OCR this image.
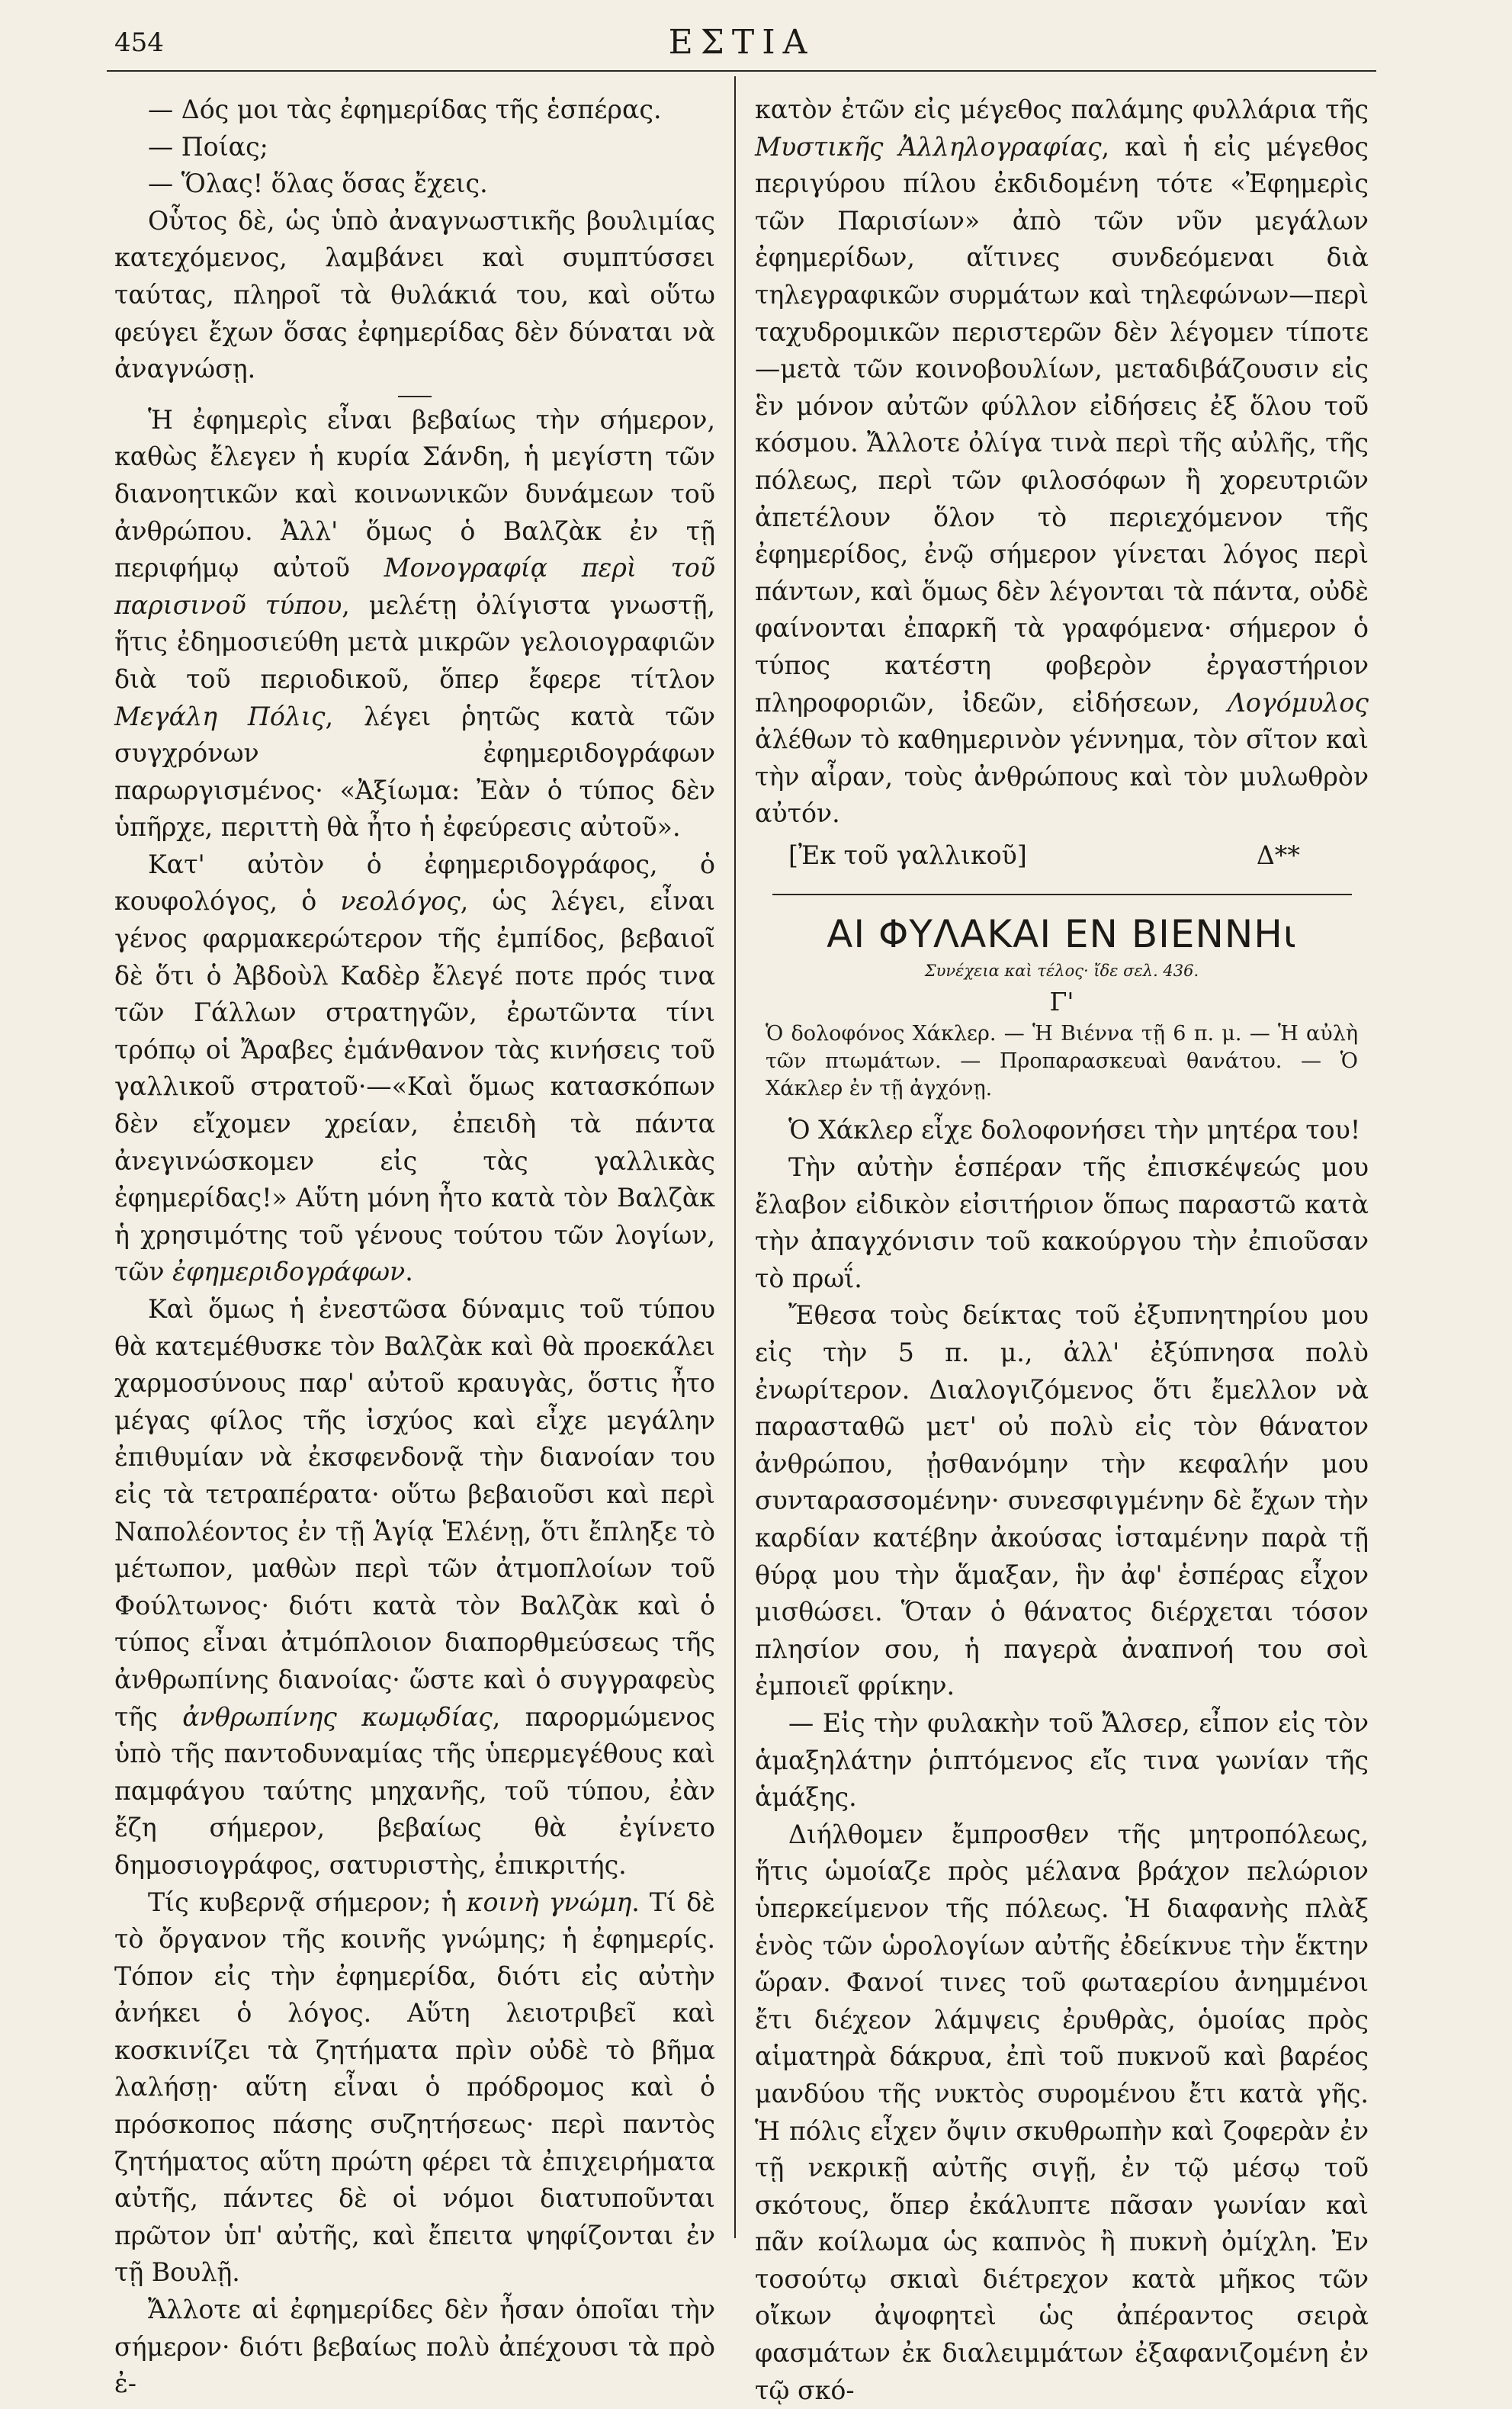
454	ΕΣΤΙΑ

— Δός μοι τὰς ἐφημερίδας τῆς ἑσπέρας.

— Ποίας;

— Ὅλας! ὅλας ὅσας ἔχεις.

Οὗτος δὲ, ὡς ὑπὸ ἀναγνωστικῆς βουλιμίας κατεχόμενος, λαμβάνει καὶ συμπτύσσει ταύτας, πληροῖ τὰ θυλάκιά του, καὶ οὕτω φεύγει ἔχων ὅσας ἐφημερίδας δὲν δύναται νὰ ἀναγνώσῃ.

Ἡ ἐφημερὶς εἶναι βεβαίως τὴν σήμερον, καθὼς ἔλεγεν ἡ κυρία Σάνδη, ἡ μεγίστη τῶν διανοητικῶν καὶ κοινωνικῶν δυνάμεων τοῦ ἀνθρώπου. Ἀλλ' ὅμως ὁ Βαλζὰκ ἐν τῇ περιφήμῳ αὐτοῦ Μονογραφίᾳ περὶ τοῦ παρισινοῦ τύπου, μελέτῃ ὀλίγιστα γνωστῇ, ἥτις ἐδημοσιεύθη μετὰ μικρῶν γελοιογραφιῶν διὰ τοῦ περιοδικοῦ, ὅπερ ἔφερε τίτλον Μεγάλη Πόλις, λέγει ῥητῶς κατὰ τῶν συγχρόνων ἐφημεριδογράφων παρωργισμένος· «Ἀξίωμα: Ἐὰν ὁ τύπος δὲν ὑπῆρχε, περιττὴ θὰ ἦτο ἡ ἐφεύρεσις αὐτοῦ».

Κατ' αὐτὸν ὁ ἐφημεριδογράφος, ὁ κουφολόγος, ὁ νεολόγος, ὡς λέγει, εἶναι γένος φαρμακερώτερον τῆς ἐμπίδος, βεβαιοῖ δὲ ὅτι ὁ Ἀβδοὺλ Καδὲρ ἔλεγέ ποτε πρός τινα τῶν Γάλλων στρατηγῶν, ἐρωτῶντα τίνι τρόπῳ οἱ Ἄραβες ἐμάνθανον τὰς κινήσεις τοῦ γαλλικοῦ στρατοῦ·—«Καὶ ὅμως κατασκόπων δὲν εἴχομεν χρείαν, ἐπειδὴ τὰ πάντα ἀνεγινώσκομεν εἰς τὰς γαλλικὰς ἐφημερίδας!» Αὕτη μόνη ἦτο κατὰ τὸν Βαλζὰκ ἡ χρησιμότης τοῦ γένους τούτου τῶν λογίων, τῶν ἐφημεριδογράφων.

Καὶ ὅμως ἡ ἐνεστῶσα δύναμις τοῦ τύπου θὰ κατεμέθυσκε τὸν Βαλζὰκ καὶ θὰ προεκάλει χαρμοσύνους παρ' αὐτοῦ κραυγὰς, ὅστις ἦτο μέγας φίλος τῆς ἰσχύος καὶ εἶχε μεγάλην ἐπιθυμίαν νὰ ἐκσφενδονᾷ τὴν διανοίαν του εἰς τὰ τετραπέρατα· οὕτω βεβαιοῦσι καὶ περὶ Ναπολέοντος ἐν τῇ Ἁγίᾳ Ἑλένῃ, ὅτι ἔπληξε τὸ μέτωπον, μαθὼν περὶ τῶν ἀτμοπλοίων τοῦ Φούλτωνος· διότι κατὰ τὸν Βαλζὰκ καὶ ὁ τύπος εἶναι ἀτμόπλοιον διαπορθμεύσεως τῆς ἀνθρωπίνης διανοίας· ὥστε καὶ ὁ συγγραφεὺς τῆς ἀνθρωπίνης κωμῳδίας, παρορμώμενος ὑπὸ τῆς παντοδυναμίας τῆς ὑπερμεγέθους καὶ παμφάγου ταύτης μηχανῆς, τοῦ τύπου, ἐὰν ἔζη σήμερον, βεβαίως θὰ ἐγίνετο δημοσιογράφος, σατυριστὴς, ἐπικριτής.

Τίς κυβερνᾷ σήμερον; ἡ κοινὴ γνώμη. Τί δὲ τὸ ὄργανον τῆς κοινῆς γνώμης; ἡ ἐφημερίς. Τόπον εἰς τὴν ἐφημερίδα, διότι εἰς αὐτὴν ἀνήκει ὁ λόγος. Αὕτη λειοτριβεῖ καὶ κοσκινίζει τὰ ζητήματα πρὶν οὐδὲ τὸ βῆμα λαλήσῃ· αὕτη εἶναι ὁ πρόδρομος καὶ ὁ πρόσκοπος πάσης συζητήσεως· περὶ παντὸς ζητήματος αὕτη πρώτη φέρει τὰ ἐπιχειρήματα αὐτῆς, πάντες δὲ οἱ νόμοι διατυποῦνται πρῶτον ὑπ' αὐτῆς, καὶ ἔπειτα ψηφίζονται ἐν τῇ Βουλῇ.

Ἄλλοτε αἱ ἐφημερίδες δὲν ἦσαν ὁποῖαι τὴν σήμερον· διότι βεβαίως πολὺ ἀπέχουσι τὰ πρὸ ἐ-

κατὸν ἐτῶν εἰς μέγεθος παλάμης φυλλάρια τῆς Μυστικῆς Ἀλληλογραφίας, καὶ ἡ εἰς μέγεθος περιγύρου πίλου ἐκδιδομένη τότε «Ἐφημερὶς τῶν Παρισίων» ἀπὸ τῶν νῦν μεγάλων ἐφημερίδων, αἵτινες συνδεόμεναι διὰ τηλεγραφικῶν συρμάτων καὶ τηλεφώνων—περὶ ταχυδρομικῶν περιστερῶν δὲν λέγομεν τίποτε—μετὰ τῶν κοινοβουλίων, μεταδιβάζουσιν εἰς ἓν μόνον αὐτῶν φύλλον εἰδήσεις ἐξ ὅλου τοῦ κόσμου. Ἄλλοτε ὀλίγα τινὰ περὶ τῆς αὐλῆς, τῆς πόλεως, περὶ τῶν φιλοσόφων ἢ χορευτριῶν ἀπετέλουν ὅλον τὸ περιεχόμενον τῆς ἐφημερίδος, ἐνῷ σήμερον γίνεται λόγος περὶ πάντων, καὶ ὅμως δὲν λέγονται τὰ πάντα, οὐδὲ φαίνονται ἐπαρκῆ τὰ γραφόμενα· σήμερον ὁ τύπος κατέστη φοβερὸν ἐργαστήριον πληροφοριῶν, ἰδεῶν, εἰδήσεων, Λογόμυλος ἀλέθων τὸ καθημερινὸν γέννημα, τὸν σῖτον καὶ τὴν αἶραν, τοὺς ἀνθρώπους καὶ τὸν μυλωθρὸν αὐτόν.

[Ἐκ τοῦ γαλλικοῦ]	Δ**
ΑΙ ΦΥΛΑΚΑΙ ΕΝ ΒΙΕΝΝΗι
Συνέχεια καὶ τέλος· ἴδε σελ. 436.
Γ'
Ὁ δολοφόνος Χάκλερ. — Ἡ Βιέννα τῇ 6 π. μ. — Ἡ αὐλὴ τῶν πτωμάτων. — Προπαρασκευαὶ θανάτου. — Ὁ Χάκλερ ἐν τῇ ἀγχόνῃ.

Ὁ Χάκλερ εἶχε δολοφονήσει τὴν μητέρα του!

Τὴν αὐτὴν ἑσπέραν τῆς ἐπισκέψεώς μου ἔλαβον εἰδικὸν εἰσιτήριον ὅπως παραστῶ κατὰ τὴν ἀπαγχόνισιν τοῦ κακούργου τὴν ἐπιοῦσαν τὸ πρωΐ.

Ἔθεσα τοὺς δείκτας τοῦ ἐξυπνητηρίου μου εἰς τὴν 5 π. μ., ἀλλ' ἐξύπνησα πολὺ ἐνωρίτερον. Διαλογιζόμενος ὅτι ἔμελλον νὰ παρασταθῶ μετ' οὐ πολὺ εἰς τὸν θάνατον ἀνθρώπου, ᾐσθανόμην τὴν κεφαλήν μου συνταρασσομένην· συνεσφιγμένην δὲ ἔχων τὴν καρδίαν κατέβην ἀκούσας ἱσταμένην παρὰ τῇ θύρᾳ μου τὴν ἅμαξαν, ἣν ἀφ' ἑσπέρας εἶχον μισθώσει. Ὅταν ὁ θάνατος διέρχεται τόσον πλησίον σου, ἡ παγερὰ ἀναπνοή του σοὶ ἐμποιεῖ φρίκην.

— Εἰς τὴν φυλακὴν τοῦ Ἄλσερ, εἶπον εἰς τὸν ἁμαξηλάτην ῥιπτόμενος εἴς τινα γωνίαν τῆς ἁμάξης.

Διήλθομεν ἔμπροσθεν τῆς μητροπόλεως, ἥτις ὡμοίαζε πρὸς μέλανα βράχον πελώριον ὑπερκείμενον τῆς πόλεως. Ἡ διαφανὴς πλὰξ ἑνὸς τῶν ὡρολογίων αὐτῆς ἐδείκνυε τὴν ἕκτην ὥραν. Φανοί τινες τοῦ φωταερίου ἀνημμένοι ἔτι διέχεον λάμψεις ἐρυθρὰς, ὁμοίας πρὸς αἱματηρὰ δάκρυα, ἐπὶ τοῦ πυκνοῦ καὶ βαρέος μανδύου τῆς νυκτὸς συρομένου ἔτι κατὰ γῆς. Ἡ πόλις εἶχεν ὄψιν σκυθρωπὴν καὶ ζοφερὰν ἐν τῇ νεκρικῇ αὐτῆς σιγῇ, ἐν τῷ μέσῳ τοῦ σκότους, ὅπερ ἐκάλυπτε πᾶσαν γωνίαν καὶ πᾶν κοίλωμα ὡς καπνὸς ἢ πυκνὴ ὀμίχλη. Ἐν τοσούτῳ σκιαὶ διέτρεχον κατὰ μῆκος τῶν οἴκων ἀψοφητεὶ ὡς ἀπέραντος σειρὰ φασμάτων ἐκ διαλειμμάτων ἐξαφανιζομένη ἐν τῷ σκό-
